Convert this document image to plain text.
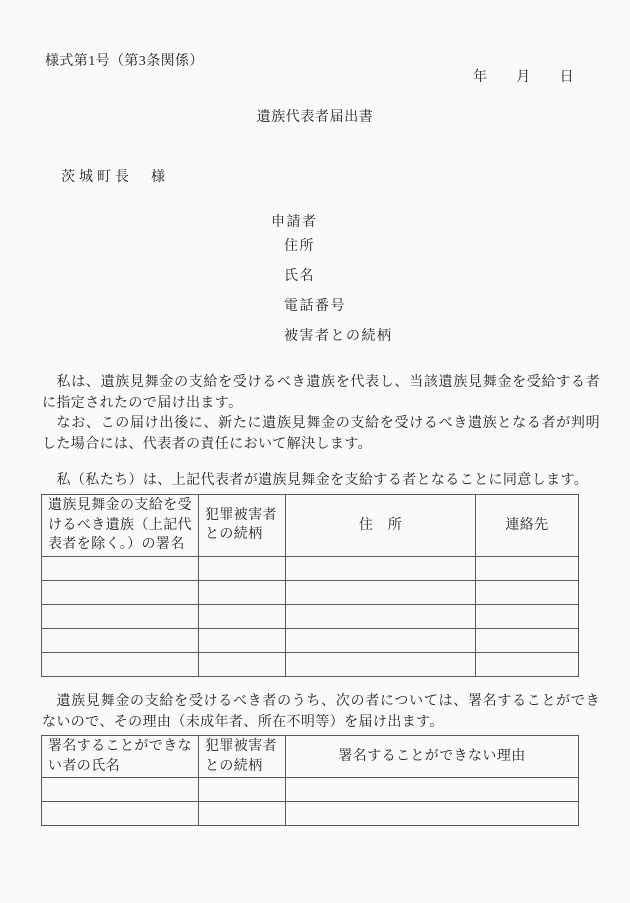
様式第1号（第3条関係）
年 月 日
遺族代表者届出書
茨城町長　様
申請者
住所
氏名
電話番号
被害者との続柄
私は、遺族見舞金の支給を受けるべき遺族を代表し、当該遺族見舞金を受給する者に指定されたので届け出ます。
なお、この届け出後に、新たに遺族見舞金の支給を受けるべき遺族となる者が判明した場合には、代表者の責任において解決します。
私（私たち）は、上記代表者が遺族見舞金を支給する者となることに同意します。
遺族見舞金の支給を受けるべき遺族（上記代表者を除く。）の署名	犯罪被害者との続柄	住　所	連絡先

遺族見舞金の支給を受けるべき者のうち、次の者については、署名することができないので、その理由（未成年者、所在不明等）を届け出ます。
署名することができない者の氏名	犯罪被害者との続柄	署名することができない理由
